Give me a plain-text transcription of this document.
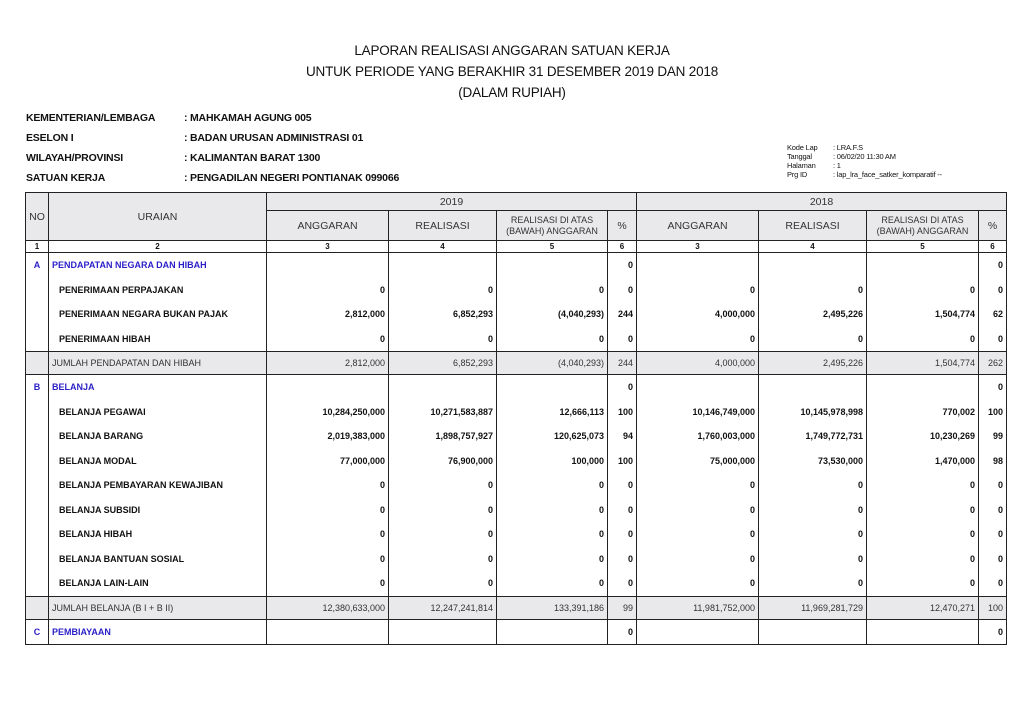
LAPORAN REALISASI ANGGARAN SATUAN KERJA
UNTUK PERIODE YANG BERAKHIR 31 DESEMBER 2019 DAN 2018
(DALAM RUPIAH)
KEMENTERIAN/LEMBAGA	: MAHKAMAH AGUNG 005
ESELON I	: BADAN URUSAN ADMINISTRASI 01
WILAYAH/PROVINSI	: KALIMANTAN BARAT 1300
SATUAN KERJA	: PENGADILAN NEGERI PONTIANAK 099066
Kode Lap	: LRA.F.S
Tanggal	: 06/02/20 11:30 AM
Halaman	: 1
Prg ID	: lap_lra_face_satker_komparatif --
NO	URAIAN	2019				2018			
		ANGGARAN	REALISASI	REALISASI DI ATAS (BAWAH) ANGGARAN	%	ANGGARAN	REALISASI	REALISASI DI ATAS (BAWAH) ANGGARAN	%
1	2	3	4	5	6	3	4	5	6
A	PENDAPATAN NEGARA DAN HIBAH				0				0
	PENERIMAAN PERPAJAKAN	0	0	0	0	0	0	0	0
	PENERIMAAN NEGARA BUKAN PAJAK	2,812,000	6,852,293	(4,040,293)	244	4,000,000	2,495,226	1,504,774	62
	PENERIMAAN HIBAH	0	0	0	0	0	0	0	0
	JUMLAH PENDAPATAN DAN HIBAH	2,812,000	6,852,293	(4,040,293)	244	4,000,000	2,495,226	1,504,774	262
B	BELANJA				0				0
	BELANJA PEGAWAI	10,284,250,000	10,271,583,887	12,666,113	100	10,146,749,000	10,145,978,998	770,002	100
	BELANJA BARANG	2,019,383,000	1,898,757,927	120,625,073	94	1,760,003,000	1,749,772,731	10,230,269	99
	BELANJA MODAL	77,000,000	76,900,000	100,000	100	75,000,000	73,530,000	1,470,000	98
	BELANJA PEMBAYARAN KEWAJIBAN	0	0	0	0	0	0	0	0
	BELANJA SUBSIDI	0	0	0	0	0	0	0	0
	BELANJA HIBAH	0	0	0	0	0	0	0	0
	BELANJA BANTUAN SOSIAL	0	0	0	0	0	0	0	0
	BELANJA LAIN-LAIN	0	0	0	0	0	0	0	0
	JUMLAH BELANJA (B I + B II)	12,380,633,000	12,247,241,814	133,391,186	99	11,981,752,000	11,969,281,729	12,470,271	100
C	PEMBIAYAAN				0				0
